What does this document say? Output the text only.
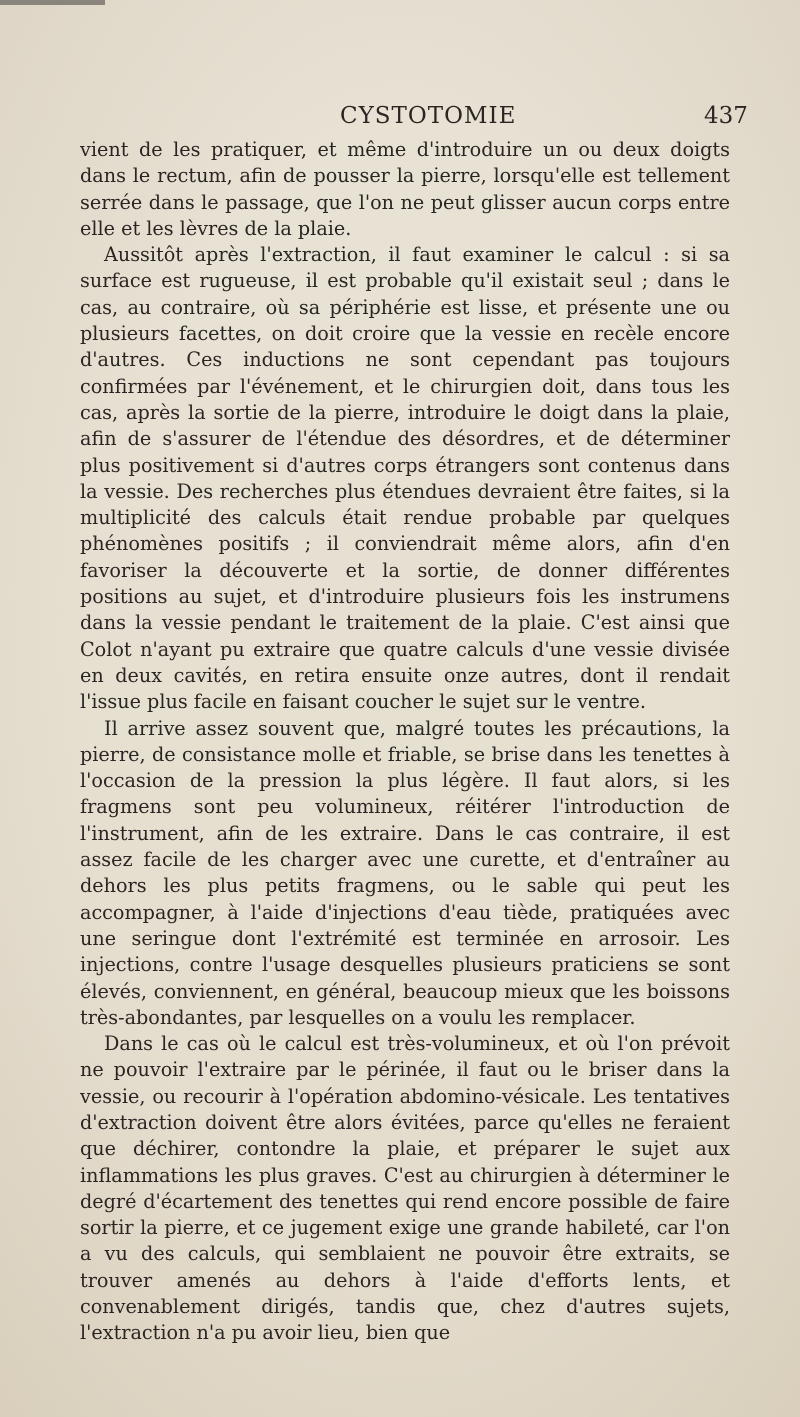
CYSTOTOMIE	437

vient de les pratiquer, et même d'introduire un ou deux doigts dans le rectum, afin de pousser la pierre, lorsqu'elle est tellement serrée dans le passage, que l'on ne peut glisser aucun corps entre elle et les lèvres de la plaie.

Aussitôt après l'extraction, il faut examiner le calcul : si sa surface est rugueuse, il est probable qu'il existait seul ; dans le cas, au contraire, où sa périphérie est lisse, et présente une ou plusieurs facettes, on doit croire que la vessie en recèle encore d'autres. Ces inductions ne sont cependant pas toujours confirmées par l'événement, et le chirurgien doit, dans tous les cas, après la sortie de la pierre, introduire le doigt dans la plaie, afin de s'assurer de l'étendue des désordres, et de déterminer plus positivement si d'autres corps étrangers sont contenus dans la vessie. Des recherches plus étendues devraient être faites, si la multiplicité des calculs était rendue probable par quelques phénomènes positifs ; il conviendrait même alors, afin d'en favoriser la découverte et la sortie, de donner différentes positions au sujet, et d'introduire plusieurs fois les instrumens dans la vessie pendant le traitement de la plaie. C'est ainsi que Colot n'ayant pu extraire que quatre calculs d'une vessie divisée en deux cavités, en retira ensuite onze autres, dont il rendait l'issue plus facile en faisant coucher le sujet sur le ventre.

Il arrive assez souvent que, malgré toutes les précautions, la pierre, de consistance molle et friable, se brise dans les tenettes à l'occasion de la pression la plus légère. Il faut alors, si les fragmens sont peu volumineux, réitérer l'introduction de l'instrument, afin de les extraire. Dans le cas contraire, il est assez facile de les charger avec une curette, et d'entraîner au dehors les plus petits fragmens, ou le sable qui peut les accompagner, à l'aide d'injections d'eau tiède, pratiquées avec une seringue dont l'extrémité est terminée en arrosoir. Les injections, contre l'usage desquelles plusieurs praticiens se sont élevés, conviennent, en général, beaucoup mieux que les boissons très-abondantes, par lesquelles on a voulu les remplacer.

Dans le cas où le calcul est très-volumineux, et où l'on prévoit ne pouvoir l'extraire par le périnée, il faut ou le briser dans la vessie, ou recourir à l'opération abdomino-vésicale. Les tentatives d'extraction doivent être alors évitées, parce qu'elles ne feraient que déchirer, contondre la plaie, et préparer le sujet aux inflammations les plus graves. C'est au chirurgien à déterminer le degré d'écartement des tenettes qui rend encore possible de faire sortir la pierre, et ce jugement exige une grande habileté, car l'on a vu des calculs, qui semblaient ne pouvoir être extraits, se trouver amenés au dehors à l'aide d'efforts lents, et convenablement dirigés, tandis que, chez d'autres sujets, l'extraction n'a pu avoir lieu, bien que
